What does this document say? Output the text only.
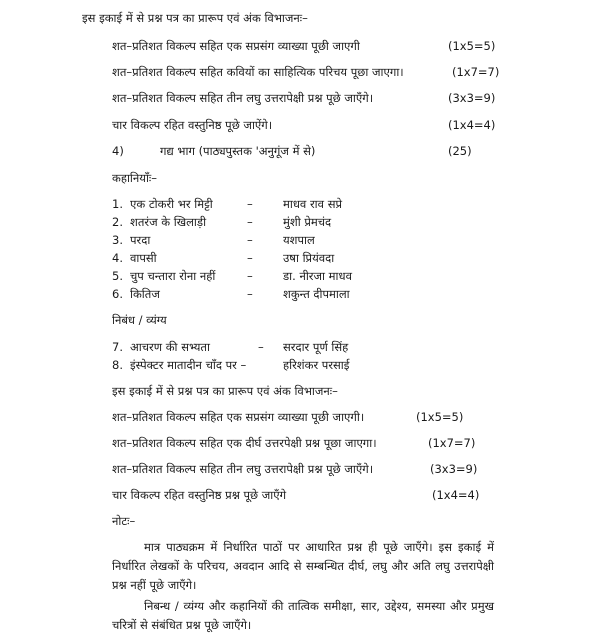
इस इकाई में से प्रश्न पत्र का प्रारूप एवं अंक विभाजनः–
शत–प्रतिशत विकल्प सहित एक सप्रसंग व्याख्या पूछी जाएगी	(1x5=5)
शत–प्रतिशत विकल्प सहित कवियों का साहित्यिक परिचय पूछा जाएगा।	(1x7=7)
शत–प्रतिशत विकल्प सहित तीन लघु उत्तरापेक्षी प्रश्न पूछे जाएँगे।	(3x3=9)
चार विकल्प रहित वस्तुनिष्ठ पूछे जाऐंगे।	(1x4=4)
4)	गद्य भाग (पाठ्यपुस्तक 'अनुगूंज में से)	(25)
कहानियाँः–
1. एक टोकरी भर मिट्टी	–	माधव राव सप्रे
2. शतरंज के खिलाड़ी	–	मुंशी प्रेमचंद
3. परदा	–	यशपाल
4. वापसी	–	उषा प्रियंवदा
5. चुप चन्तारा रोना नहीं	–	डा. नीरजा माधव
6. कितिज	–	शकुन्त दीपमाला
निबंध / व्यंग्य
7. आचरण की सभ्यता	– सरदार पूर्ण सिंह
8. इंस्पेक्टर मातादीन चाँद पर –	हरिशंकर परसाई
इस इकाई में से प्रश्न पत्र का प्रारूप एवं अंक विभाजनः–
शत–प्रतिशत विकल्प सहित एक सप्रसंग व्याख्या पूछी जाएगी।	(1x5=5)
शत–प्रतिशत विकल्प सहित एक दीर्घ उत्तरपेक्षी प्रश्न पूछा जाएगा।	(1x7=7)
शत–प्रतिशत विकल्प सहित तीन लघु उत्तरापेक्षी प्रश्न पूछे जाएँगे।	(3x3=9)
चार विकल्प रहित वस्तुनिष्ठ प्रश्न पूछे जाएँगे	(1x4=4)
नोटः–
मात्र पाठ्यक्रम में निर्धारित पाठों पर आधारित प्रश्न ही पूछे जाएँगे। इस इकाई में निर्धारित लेखकों के परिचय, अवदान आदि से सम्बन्धित दीर्घ, लघु और अति लघु उत्तरापेक्षी प्रश्न नहीं पूछे जाएँगे।
निबन्ध / व्यंग्य और कहानियों की तात्विक समीक्षा, सार, उद्देश्य, समस्या और प्रमुख चरित्रों से संबंधित प्रश्न पूछे जाएँगे।
